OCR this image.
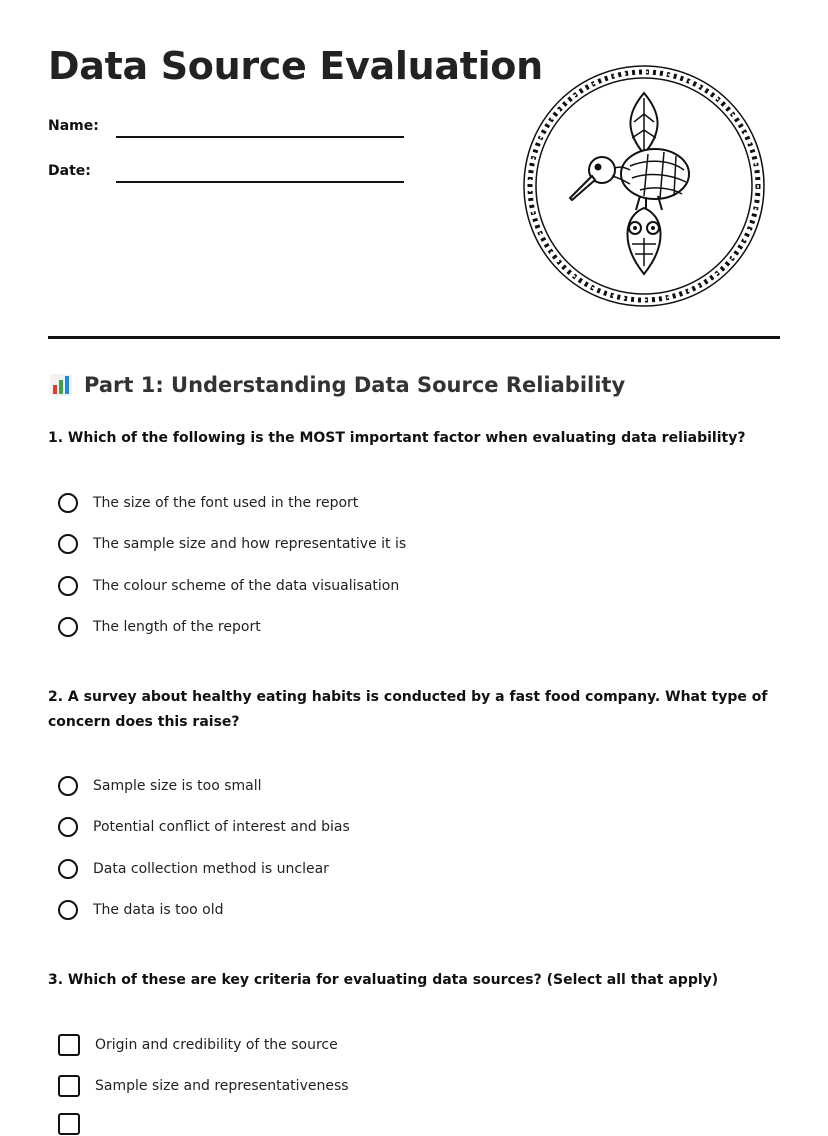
Data Source Evaluation
Name:
Date:
Part 1: Understanding Data Source Reliability

1. Which of the following is the MOST important factor when evaluating data reliability?

The size of the font used in the report
The sample size and how representative it is
The colour scheme of the data visualisation
The length of the report

2. A survey about healthy eating habits is conducted by a fast food company. What type of concern does this raise?

Sample size is too small
Potential conflict of interest and bias
Data collection method is unclear
The data is too old

3. Which of these are key criteria for evaluating data sources? (Select all that apply)

Origin and credibility of the source
Sample size and representativeness
